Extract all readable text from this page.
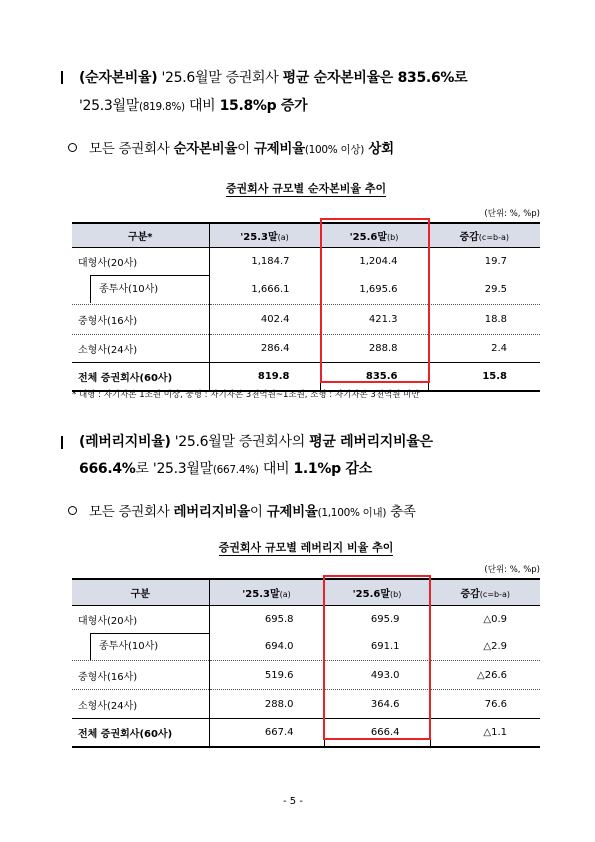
(순자본비율) '25.6월말 증권회사 평균 순자본비율은 835.6%로
'25.3월말(819.8%) 대비 15.8%p 증가
모든 증권회사 순자본비율이 규제비율(100% 이상) 상회
증권회사 규모별 순자본비율 추이
(단위: %, %p)
구분*	'25.3말(a)	'25.6말(b)	증감(c=b-a)
대형사(20사)	1,184.7	1,204.4	19.7

종투사(10사)	1,666.1	1,695.6	29.5
중형사(16사)	402.4	421.3	18.8
소형사(24사)	286.4	288.8	2.4
전체 증권회사(60사)	819.8	835.6	15.8
* 대형 : 자기자본 1조원 이상, 중형 : 자기자본 3천억원~1조원, 소형 : 자기자본 3천억원 미만
(레버리지비율) '25.6월말 증권회사의 평균 레버리지비율은
666.4%로 '25.3월말(667.4%) 대비 1.1%p 감소
모든 증권회사 레버리지비율이 규제비율(1,100% 이내) 충족
증권회사 규모별 레버리지 비율 추이
(단위: %, %p)
구분	'25.3말(a)	'25.6말(b)	증감(c=b-a)
대형사(20사)	695.8	695.9	△0.9

종투사(10사)	694.0	691.1	△2.9
중형사(16사)	519.6	493.0	△26.6
소형사(24사)	288.0	364.6	76.6
전체 증권회사(60사)	667.4	666.4	△1.1
- 5 -
